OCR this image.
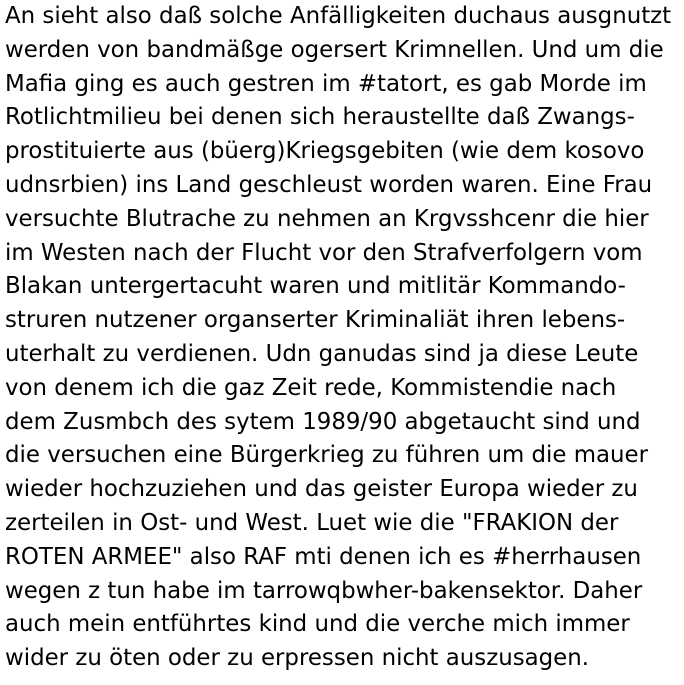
An sieht also daß solche Anfälligkeiten duchaus ausgnutzt
werden von bandmäßge ogersert Krimnellen. Und um die
Mafia ging es auch gestren im #tatort, es gab Morde im
Rotlichtmilieu bei denen sich heraustellte daß Zwangs-
prostituierte aus (büerg)Kriegsgebiten (wie dem kosovo
udnsrbien) ins Land geschleust worden waren. Eine Frau
versuchte Blutrache zu nehmen an Krgvsshcenr die hier
im Westen nach der Flucht vor den Strafverfolgern vom
Blakan untergertacuht waren und mitlitär Kommando-
struren nutzener organserter Kriminaliät ihren lebens-
uterhalt zu verdienen. Udn ganudas sind ja diese Leute
von denem ich die gaz Zeit rede, Kommistendie nach
dem Zusmbch des sytem 1989/90 abgetaucht sind und
die versuchen eine Bürgerkrieg zu führen um die mauer
wieder hochzuziehen und das geister Europa wieder zu
zerteilen in Ost- und West. Luet wie die "FRAKION der
ROTEN ARMEE" also RAF mti denen ich es #herrhausen
wegen z tun habe im tarrowqbwher-bakensektor. Daher
auch mein entführtes kind und die verche mich immer
wider zu öten oder zu erpressen nicht auszusagen.
